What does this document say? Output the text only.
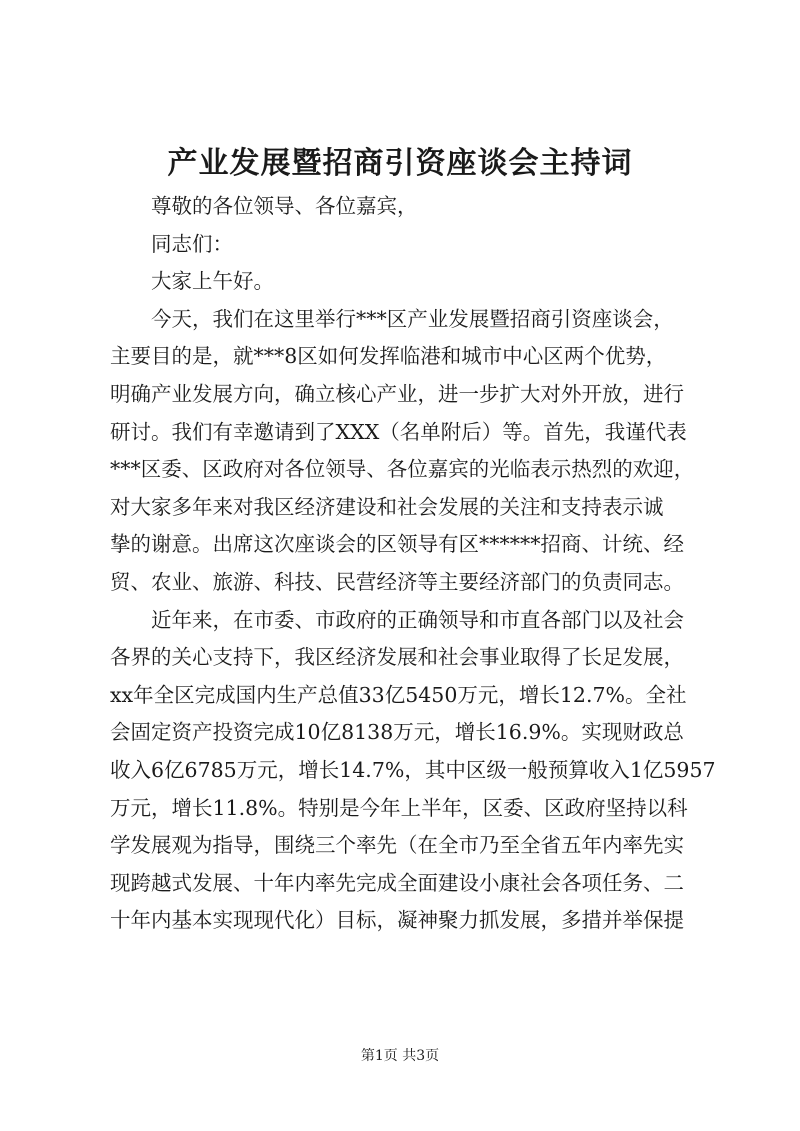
产业发展暨招商引资座谈会主持词
尊敬的各位领导、各位嘉宾，
同志们：
大家上午好。
今天，我们在这里举行***区产业发展暨招商引资座谈会，
主要目的是，就***8区如何发挥临港和城市中心区两个优势，
明确产业发展方向，确立核心产业，进一步扩大对外开放，进行
研讨。我们有幸邀请到了XXX（名单附后）等。首先，我谨代表
***区委、区政府对各位领导、各位嘉宾的光临表示热烈的欢迎，
对大家多年来对我区经济建设和社会发展的关注和支持表示诚
挚的谢意。出席这次座谈会的区领导有区******招商、计统、经
贸、农业、旅游、科技、民营经济等主要经济部门的负责同志。
近年来，在市委、市政府的正确领导和市直各部门以及社会
各界的关心支持下，我区经济发展和社会事业取得了长足发展，
xx年全区完成国内生产总值33亿5450万元，增长12.7%。全社
会固定资产投资完成10亿8138万元，增长16.9%。实现财政总
收入6亿6785万元，增长14.7%，其中区级一般预算收入1亿5957
万元，增长11.8%。特别是今年上半年，区委、区政府坚持以科
学发展观为指导，围绕三个率先（在全市乃至全省五年内率先实
现跨越式发展、十年内率先完成全面建设小康社会各项任务、二
十年内基本实现现代化）目标，凝神聚力抓发展，多措并举保提
第1页 共3页
